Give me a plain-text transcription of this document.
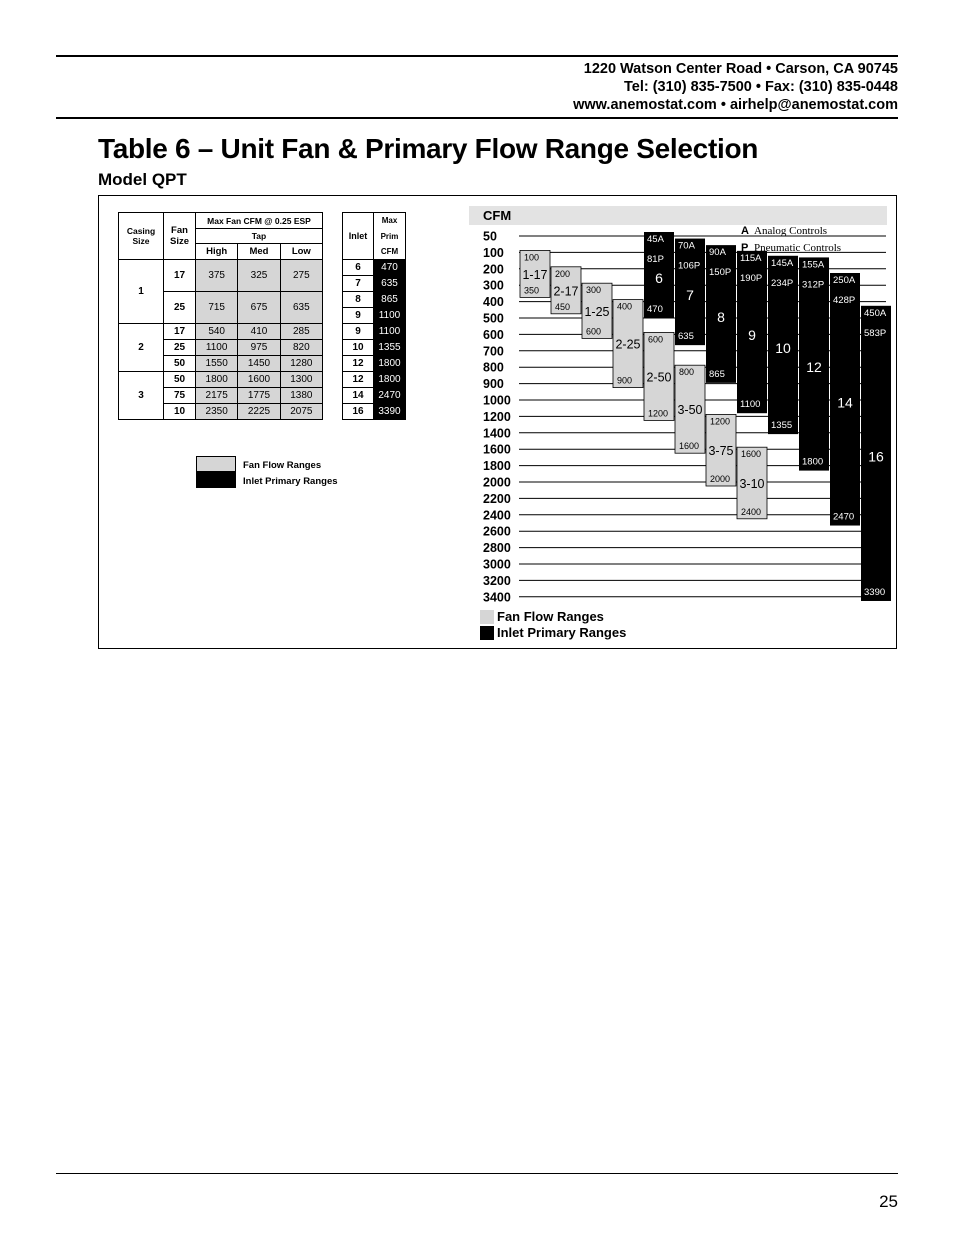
1220 Watson Center Road • Carson, CA 90745
Tel: (310) 835-7500 • Fax: (310) 835-0448
www.anemostat.com • airhelp@anemostat.com
Table 6 – Unit Fan & Primary Flow Range Selection
Model QPT
Casing Size	Fan Size	Max Fan CFM @ 0.25 ESP		
		Tap		
		High	Med	Low
1	17	375	325	275
	25	715	675	635
2	17	540	410	285
	25	1100	975	820
	50	1550	1450	1280
3	50	1800	1600	1300
	75	2175	1775	1380
	10	2350	2225	2075
Inlet	Max
	Prim
	CFM
6	470
7	635
8	865
9	1100
9	1100
10	1355
12	1800
12	1800
14	2470
16	3390
Fan Flow Ranges
Inlet Primary Ranges
CFM
50
100
200
300
400
500
600
700
800
900
1000
1200
1400
1600
1800
2000
2200
2400
2600
2800
3000
3200
3400
100
1-17
350
200
2-17
450
300
1-25
600
400
2-25
900
600
2-50
1200
800
3-50
1600
1200
3-75
2000
1600
3-10
2400
45A
81P
6
470
70A
106P
7
635
90A
150P
8
865
115A
190P
9
1100
145A
234P
10
1355
155A
312P
12
1800
250A
428P
14
2470
450A
583P
16
3390
A Analog Controls
P Pneumatic Controls
Fan Flow Ranges
Inlet Primary Ranges
25
